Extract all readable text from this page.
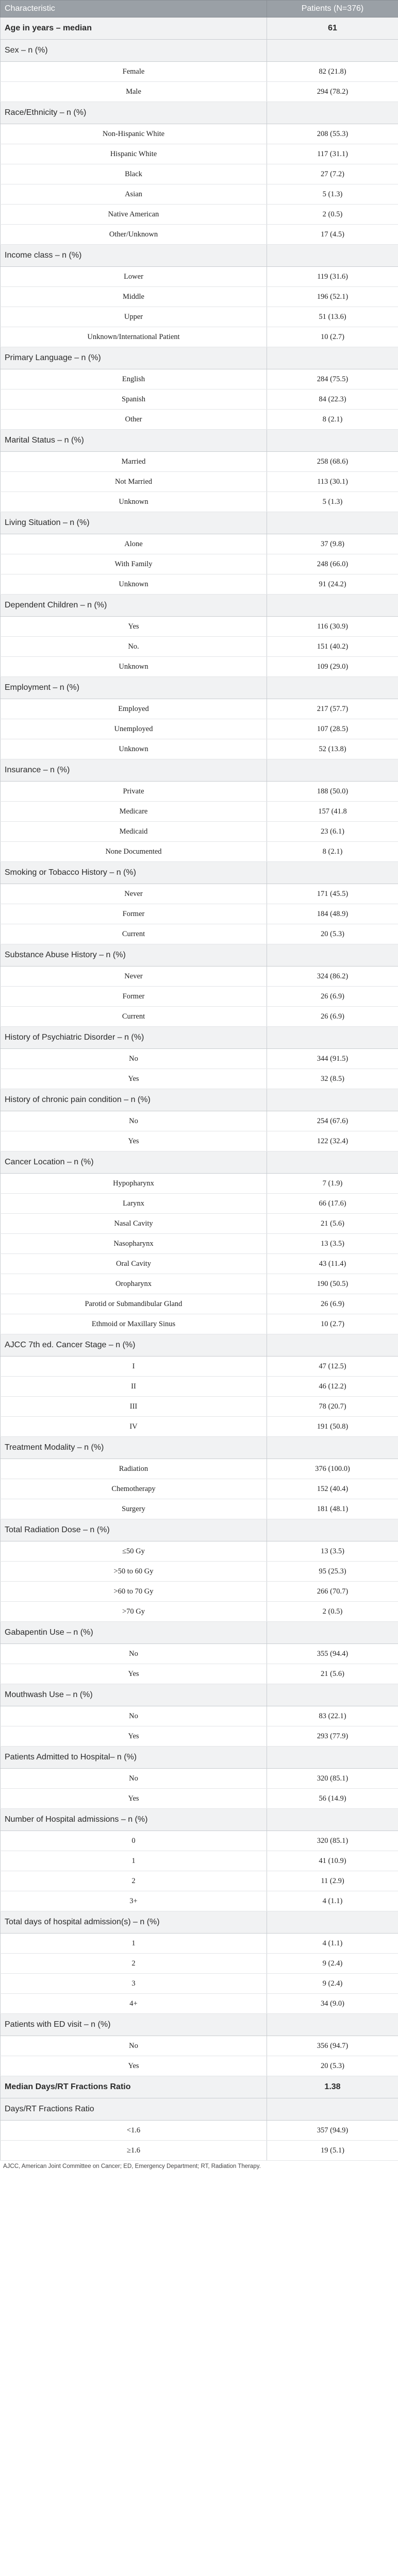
Characteristic	Patients (N=376)
Age in years – median	61
Sex – n (%)	
Female	82 (21.8)
Male	294 (78.2)
Race/Ethnicity – n (%)	
Non-Hispanic White	208 (55.3)
Hispanic White	117 (31.1)
Black	27 (7.2)
Asian	5 (1.3)
Native American	2 (0.5)
Other/Unknown	17 (4.5)
Income class – n (%)	
Lower	119 (31.6)
Middle	196 (52.1)
Upper	51 (13.6)
Unknown/International Patient	10 (2.7)
Primary Language – n (%)	
English	284 (75.5)
Spanish	84 (22.3)
Other	8 (2.1)
Marital Status – n (%)	
Married	258 (68.6)
Not Married	113 (30.1)
Unknown	5 (1.3)
Living Situation – n (%)	
Alone	37 (9.8)
With Family	248 (66.0)
Unknown	91 (24.2)
Dependent Children – n (%)	
Yes	116 (30.9)
No.	151 (40.2)
Unknown	109 (29.0)
Employment – n (%)	
Employed	217 (57.7)
Unemployed	107 (28.5)
Unknown	52 (13.8)
Insurance – n (%)	
Private	188 (50.0)
Medicare	157 (41.8
Medicaid	23 (6.1)
None Documented	8 (2.1)
Smoking or Tobacco History – n (%)	
Never	171 (45.5)
Former	184 (48.9)
Current	20 (5.3)
Substance Abuse History – n (%)	
Never	324 (86.2)
Former	26 (6.9)
Current	26 (6.9)
History of Psychiatric Disorder – n (%)	
No	344 (91.5)
Yes	32 (8.5)
History of chronic pain condition – n (%)	
No	254 (67.6)
Yes	122 (32.4)
Cancer Location – n (%)	
Hypopharynx	7 (1.9)
Larynx	66 (17.6)
Nasal Cavity	21 (5.6)
Nasopharynx	13 (3.5)
Oral Cavity	43 (11.4)
Oropharynx	190 (50.5)
Parotid or Submandibular Gland	26 (6.9)
Ethmoid or Maxillary Sinus	10 (2.7)
AJCC 7th ed. Cancer Stage – n (%)	
I	47 (12.5)
II	46 (12.2)
III	78 (20.7)
IV	191 (50.8)
Treatment Modality – n (%)	
Radiation	376 (100.0)
Chemotherapy	152 (40.4)
Surgery	181 (48.1)
Total Radiation Dose – n (%)	
≤50 Gy	13 (3.5)
>50 to 60 Gy	95 (25.3)
>60 to 70 Gy	266 (70.7)
>70 Gy	2 (0.5)
Gabapentin Use – n (%)	
No	355 (94.4)
Yes	21 (5.6)
Mouthwash Use – n (%)	
No	83 (22.1)
Yes	293 (77.9)
Patients Admitted to Hospital– n (%)	
No	320 (85.1)
Yes	56 (14.9)
Number of Hospital admissions – n (%)	
0	320 (85.1)
1	41 (10.9)
2	11 (2.9)
3+	4 (1.1)
Total days of hospital admission(s) – n (%)	
1	4 (1.1)
2	9 (2.4)
3	9 (2.4)
4+	34 (9.0)
Patients with ED visit – n (%)	
No	356 (94.7)
Yes	20 (5.3)
Median Days/RT Fractions Ratio	1.38
Days/RT Fractions Ratio	
<1.6	357 (94.9)
≥1.6	19 (5.1)
AJCC, American Joint Committee on Cancer; ED, Emergency Department; RT, Radiation Therapy.
